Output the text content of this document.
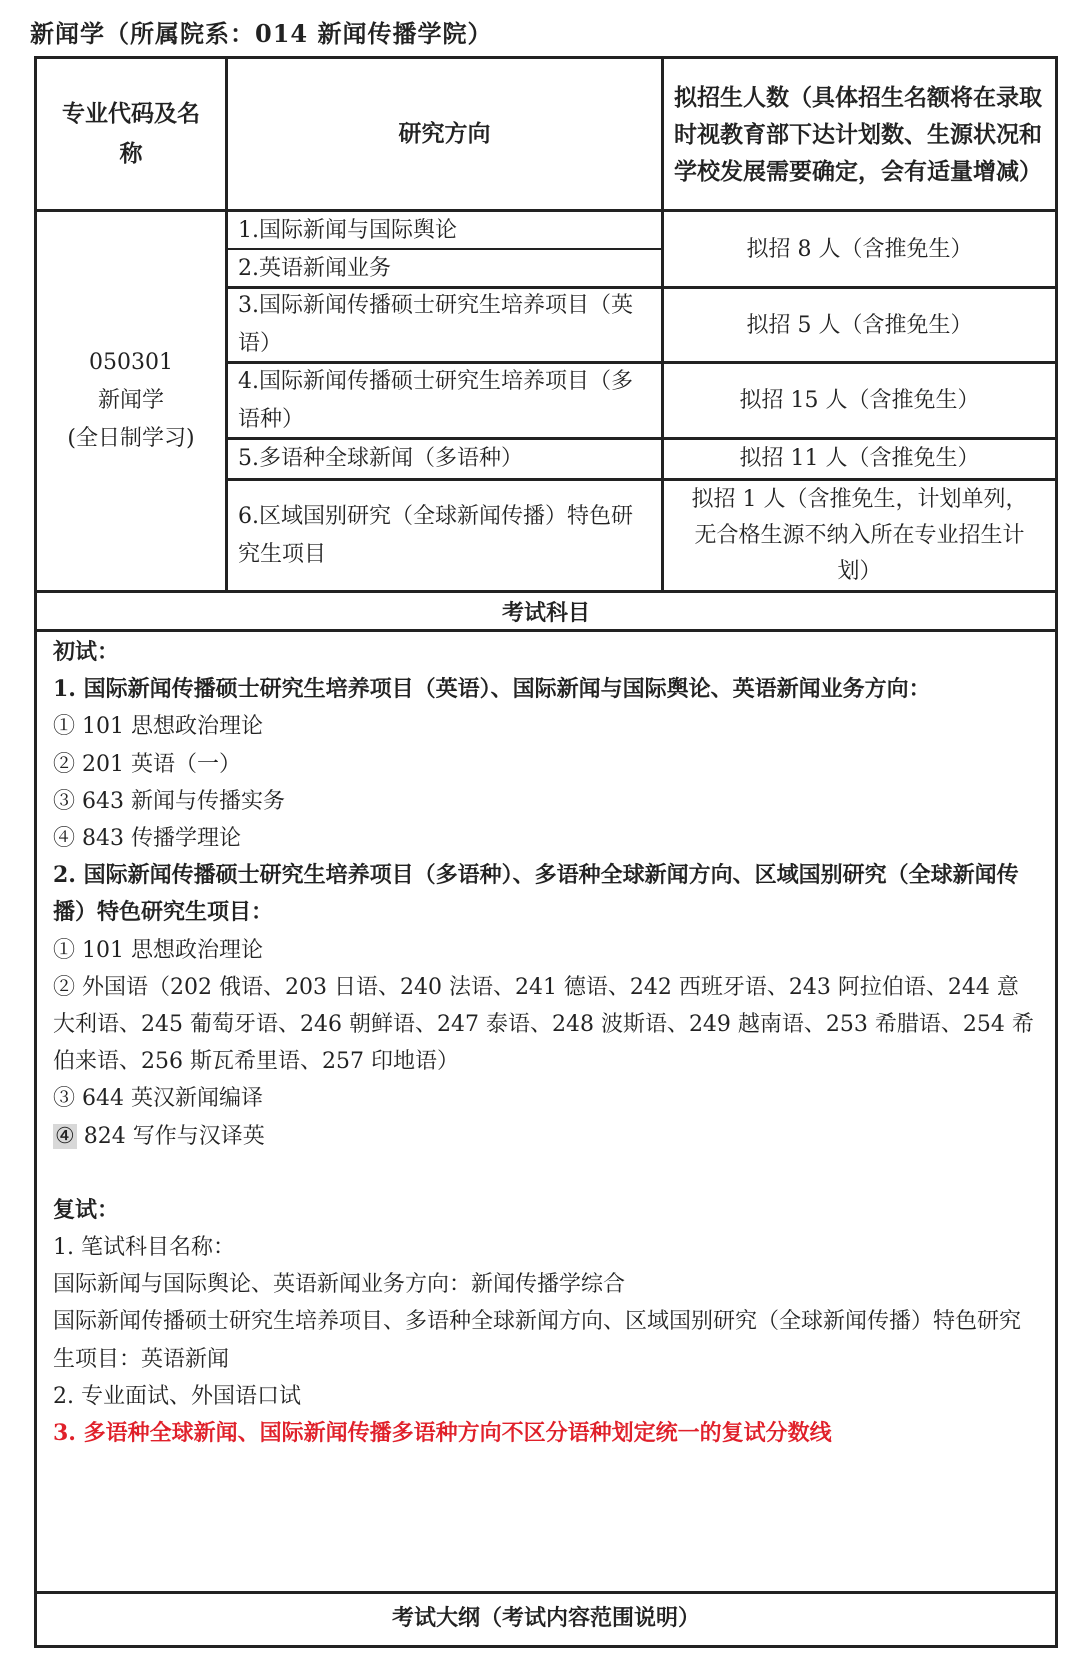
新闻学（所属院系：014 新闻传播学院）
专业代码及名称
研究方向
拟招生人数（具体招生名额将在录取时视教育部下达计划数、生源状况和学校发展需要确定，会有适量增减）
050301
新闻学
(全日制学习)
1.国际新闻与国际舆论
2.英语新闻业务
3.国际新闻传播硕士研究生培养项目（英语）
4.国际新闻传播硕士研究生培养项目（多语种）
5.多语种全球新闻（多语种）
6.区域国别研究（全球新闻传播）特色研究生项目
拟招 8 人（含推免生）
拟招 5 人（含推免生）
拟招 15 人（含推免生）
拟招 11 人（含推免生）
拟招 1 人（含推免生，计划单列，无合格生源不纳入所在专业招生计划）
考试科目
初试：
1. 国际新闻传播硕士研究生培养项目（英语）、国际新闻与国际舆论、英语新闻业务方向：
① 101 思想政治理论
② 201 英语（一）
③ 643 新闻与传播实务
④ 843 传播学理论
2. 国际新闻传播硕士研究生培养项目（多语种）、多语种全球新闻方向、区域国别研究（全球新闻传播）特色研究生项目：
① 101 思想政治理论
② 外国语（202 俄语、203 日语、240 法语、241 德语、242 西班牙语、243 阿拉伯语、244 意大利语、245 葡萄牙语、246 朝鲜语、247 泰语、248 波斯语、249 越南语、253 希腊语、254 希伯来语、256 斯瓦希里语、257 印地语）
③ 644 英汉新闻编译
④ 824 写作与汉译英
复试：
1. 笔试科目名称：
国际新闻与国际舆论、英语新闻业务方向：新闻传播学综合
国际新闻传播硕士研究生培养项目、多语种全球新闻方向、区域国别研究（全球新闻传播）特色研究生项目：英语新闻
2. 专业面试、外国语口试
3. 多语种全球新闻、国际新闻传播多语种方向不区分语种划定统一的复试分数线
考试大纲（考试内容范围说明）
